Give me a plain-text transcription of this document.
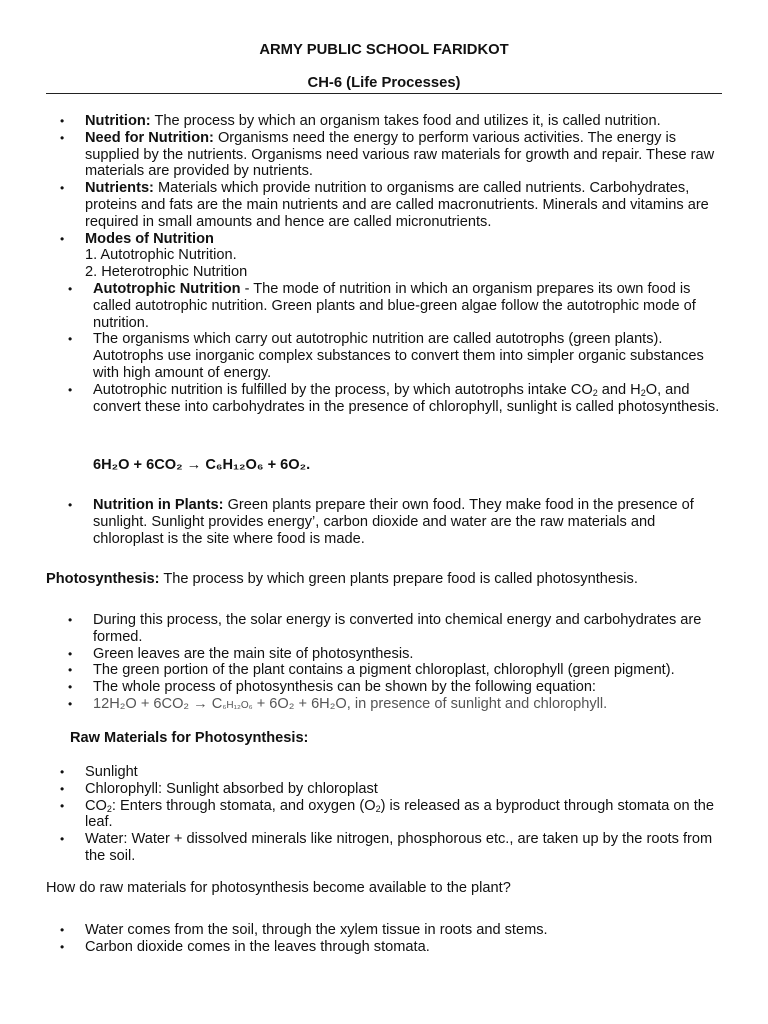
ARMY PUBLIC SCHOOL FARIDKOT
CH-6 (Life Processes)
• Nutrition: The process by which an organism takes food and utilizes it, is called nutrition.
• Need for Nutrition: Organisms need the energy to perform various activities. The energy is supplied by the nutrients. Organisms need various raw materials for growth and repair. These raw materials are provided by nutrients.
• Nutrients: Materials which provide nutrition to organisms are called nutrients. Carbohydrates, proteins and fats are the main nutrients and are called macronutrients. Minerals and vitamins are required in small amounts and hence are called micronutrients.
• Modes of Nutrition
1. Autotrophic Nutrition.
2. Heterotrophic Nutrition
• Autotrophic Nutrition - The mode of nutrition in which an organism prepares its own food is called autotrophic nutrition. Green plants and blue-green algae follow the autotrophic mode of nutrition.
• The organisms which carry out autotrophic nutrition are called autotrophs (green plants). Autotrophs use inorganic complex substances to convert them into simpler organic substances with high amount of energy.
• Autotrophic nutrition is fulfilled by the process, by which autotrophs intake $CO_2$ and $H_2O$, and convert these into carbohydrates in the presence of chlorophyll, sunlight is called photosynthesis.
6H₂O + 6CO₂ → C₆H₁₂O₆ + 6O₂.
• Nutrition in Plants: Green plants prepare their own food. They make food in the presence of sunlight. Sunlight provides energy’, carbon dioxide and water are the raw materials and chloroplast is the site where food is made.
Photosynthesis: The process by which green plants prepare food is called photosynthesis.
• During this process, the solar energy is converted into chemical energy and carbohydrates are formed.
• Green leaves are the main site of photosynthesis.
• The green portion of the plant contains a pigment chloroplast, chlorophyll (green pigment).
• The whole process of photosynthesis can be shown by the following equation:
• 12H₂O + 6CO₂ → C₆H₁₂O₆ + 6O₂ + 6H₂O, in presence of sunlight and chlorophyll.
Raw Materials for Photosynthesis:
• Sunlight
• Chlorophyll: Sunlight absorbed by chloroplast
• $CO_2$: Enters through stomata, and oxygen $(O_2)$ is released as a byproduct through stomata on the leaf.
• Water: Water + dissolved minerals like nitrogen, phosphorous etc., are taken up by the roots from the soil.
How do raw materials for photosynthesis become available to the plant?
• Water comes from the soil, through the xylem tissue in roots and stems.
• Carbon dioxide comes in the leaves through stomata.
